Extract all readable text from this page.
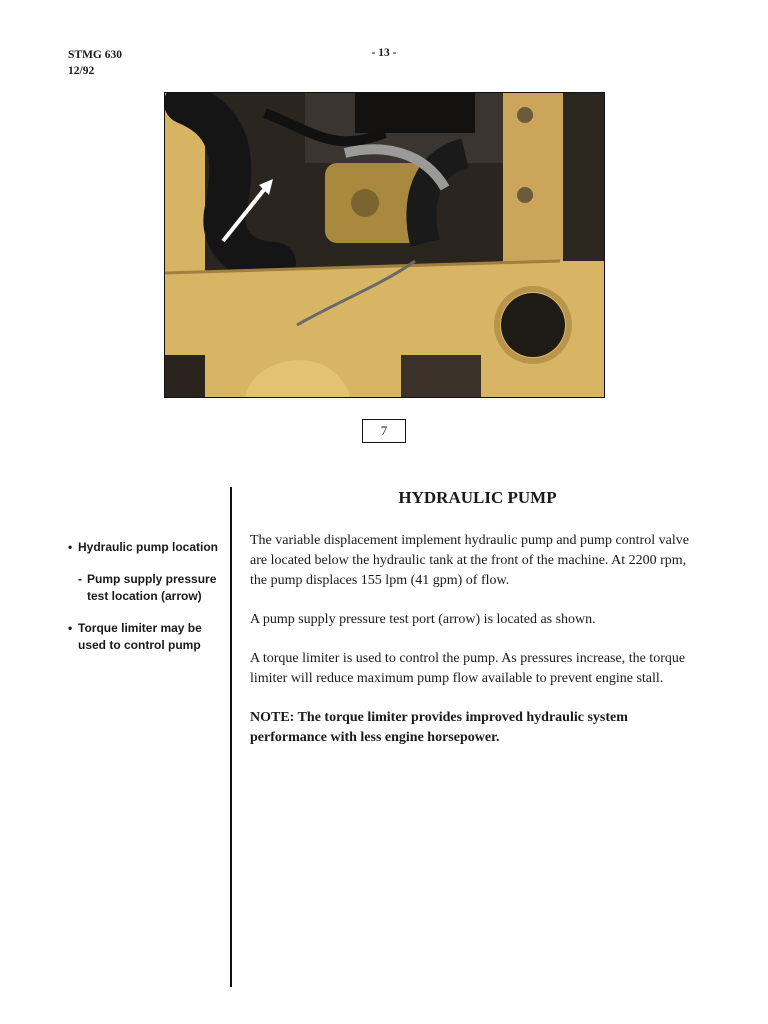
STMG 630
12/92
- 13 -
7
• Hydraulic pump location
- Pump supply pressure test location (arrow)
• Torque limiter may be used to control pump
HYDRAULIC PUMP

The variable displacement implement hydraulic pump and pump control valve are located below the hydraulic tank at the front of the machine. At 2200 rpm, the pump displaces 155 lpm (41 gpm) of flow.

A pump supply pressure test port (arrow) is located as shown.

A torque limiter is used to control the pump. As pressures increase, the torque limiter will reduce maximum pump flow available to prevent engine stall.

NOTE: The torque limiter provides improved hydraulic system performance with less engine horsepower.
